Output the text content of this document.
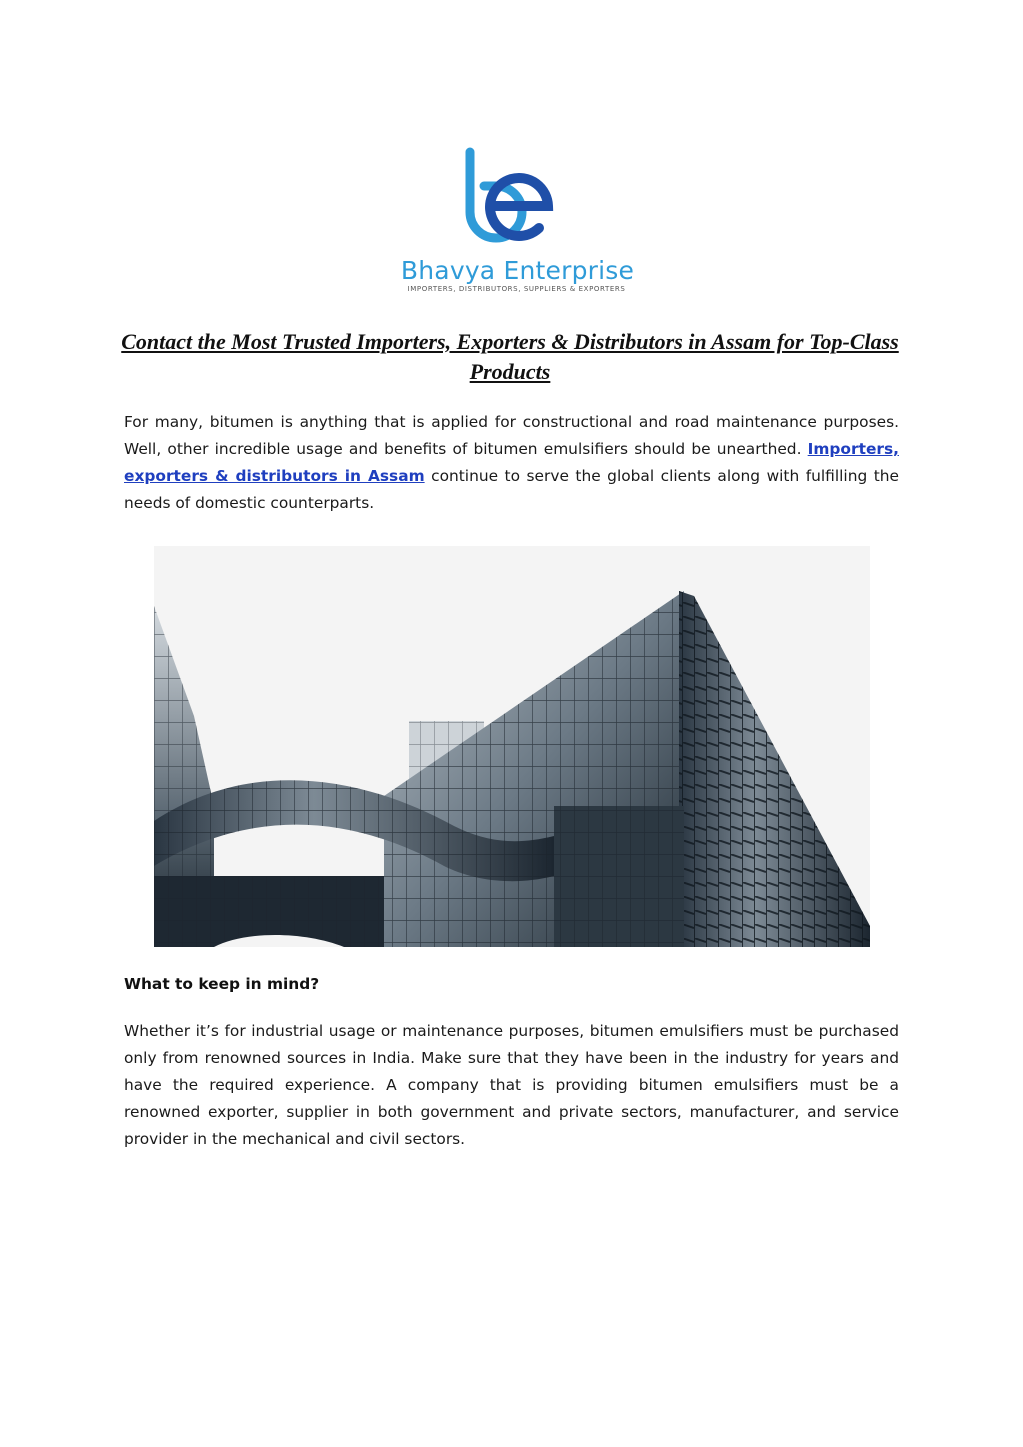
Bhavya Enterprise
IMPORTERS, DISTRIBUTORS, SUPPLIERS & EXPORTERS
Contact the Most Trusted Importers, Exporters & Distributors in Assam for Top-Class Products

For many, bitumen is anything that is applied for constructional and road maintenance purposes. Well, other incredible usage and benefits of bitumen emulsifiers should be unearthed. Importers, exporters & distributors in Assam continue to serve the global clients along with fulfilling the needs of domestic counterparts.

What to keep in mind?

Whether it’s for industrial usage or maintenance purposes, bitumen emulsifiers must be purchased only from renowned sources in India. Make sure that they have been in the industry for years and have the required experience. A company that is providing bitumen emulsifiers must be a renowned exporter, supplier in both government and private sectors, manufacturer, and service provider in the mechanical and civil sectors.
